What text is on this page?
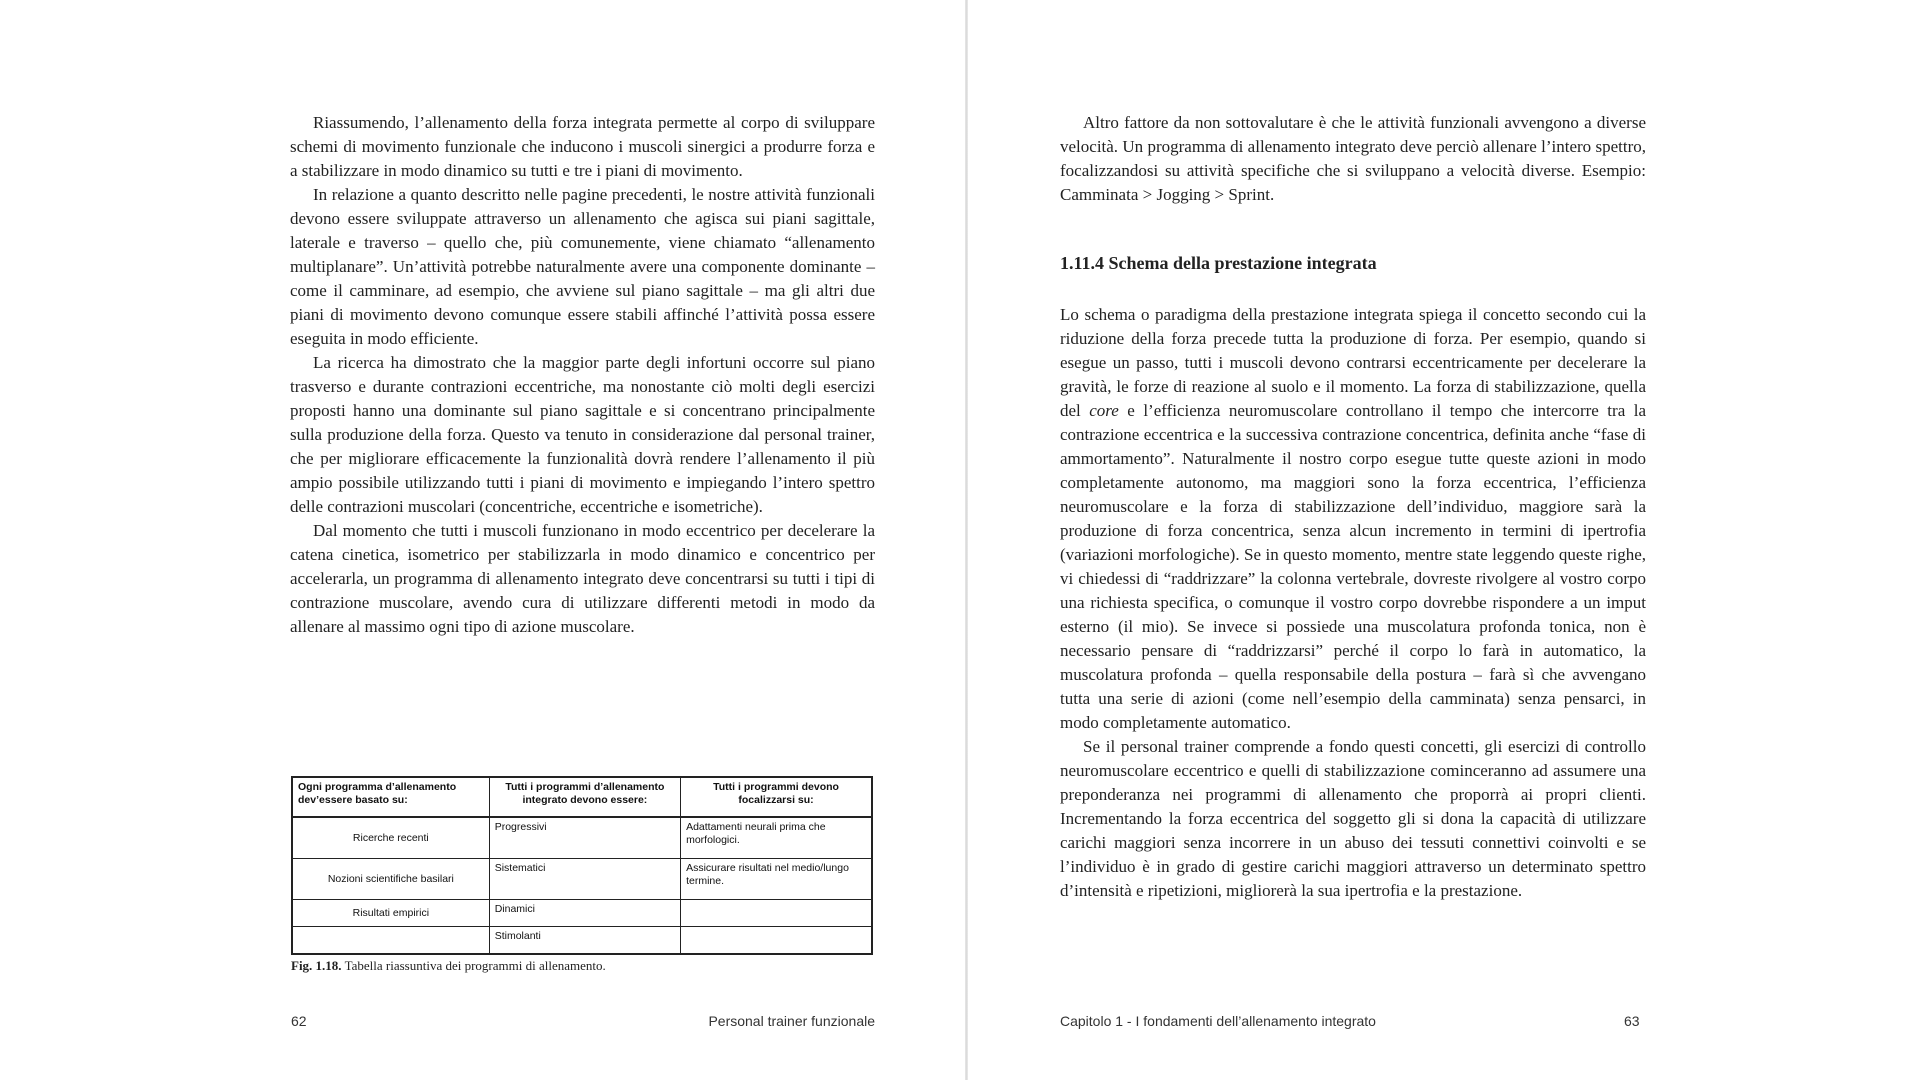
Riassumendo, l’allenamento della forza integrata permette al corpo di sviluppare schemi di movimento funzionale che inducono i muscoli sinergici a produrre forza e a stabilizzare in modo dinamico su tutti e tre i piani di movimento.

In relazione a quanto descritto nelle pagine precedenti, le nostre attività funzionali devono essere sviluppate attraverso un allenamento che agisca sui piani sagittale, laterale e traverso – quello che, più comunemente, viene chiamato “allenamento multiplanare”. Un’attività potrebbe naturalmente avere una componente dominante – come il camminare, ad esempio, che avviene sul piano sagittale – ma gli altri due piani di movimento devono comunque essere stabili affinché l’attività possa essere eseguita in modo efficiente.

La ricerca ha dimostrato che la maggior parte degli infortuni occorre sul piano trasverso e durante contrazioni eccentriche, ma nonostante ciò molti degli esercizi proposti hanno una dominante sul piano sagittale e si concentrano principalmente sulla produzione della forza. Questo va tenuto in considerazione dal personal trainer, che per migliorare efficacemente la funzionalità dovrà rendere l’allenamento il più ampio possibile utilizzando tutti i piani di movimento e impiegando l’intero spettro delle contrazioni muscolari (concentriche, eccentriche e isometriche).

Dal momento che tutti i muscoli funzionano in modo eccentrico per decelerare la catena cinetica, isometrico per stabilizzarla in modo dinamico e concentrico per accelerarla, un programma di allenamento integrato deve concentrarsi su tutti i tipi di contrazione muscolare, avendo cura di utilizzare differenti metodi in modo da allenare al massimo ogni tipo di azione muscolare.

Ogni programma d’allenamento dev’essere basato su:	Tutti i programmi d’allenamento integrato devono essere:	Tutti i programmi devono focalizzarsi su:
Ricerche recenti	Progressivi	Adattamenti neurali prima che morfologici.
Nozioni scientifiche basilari	Sistematici	Assicurare risultati nel medio/lungo termine.
Risultati empirici	Dinamici	
	Stimolanti	

Fig. 1.18. Tabella riassuntiva dei programmi di allenamento.

62	Personal trainer funzionale

Altro fattore da non sottovalutare è che le attività funzionali avvengono a diverse velocità. Un programma di allenamento integrato deve perciò allenare l’intero spettro, focalizzandosi su attività specifiche che si sviluppano a velocità diverse. Esempio: Camminata > Jogging > Sprint.

1.11.4 Schema della prestazione integrata

Lo schema o paradigma della prestazione integrata spiega il concetto secondo cui la riduzione della forza precede tutta la produzione di forza. Per esempio, quando si esegue un passo, tutti i muscoli devono contrarsi eccentricamente per decelerare la gravità, le forze di reazione al suolo e il momento. La forza di stabilizzazione, quella del core e l’efficienza neuromuscolare controllano il tempo che intercorre tra la contrazione eccentrica e la successiva contrazione concentrica, definita anche “fase di ammortamento”. Naturalmente il nostro corpo esegue tutte queste azioni in modo completamente autonomo, ma maggiori sono la forza eccentrica, l’efficienza neuromuscolare e la forza di stabilizzazione dell’individuo, maggiore sarà la produzione di forza concentrica, senza alcun incremento in termini di ipertrofia (variazioni morfologiche). Se in questo momento, mentre state leggendo queste righe, vi chiedessi di “raddrizzare” la colonna vertebrale, dovreste rivolgere al vostro corpo una richiesta specifica, o comunque il vostro corpo dovrebbe rispondere a un imput esterno (il mio). Se invece si possiede una muscolatura profonda tonica, non è necessario pensare di “raddrizzarsi” perché il corpo lo farà in automatico, la muscolatura profonda – quella responsabile della postura – farà sì che avvengano tutta una serie di azioni (come nell’esempio della camminata) senza pensarci, in modo completamente automatico.

Se il personal trainer comprende a fondo questi concetti, gli esercizi di controllo neuromuscolare eccentrico e quelli di stabilizzazione cominceranno ad assumere una preponderanza nei programmi di allenamento che proporrà ai propri clienti. Incrementando la forza eccentrica del soggetto gli si dona la capacità di utilizzare carichi maggiori senza incorrere in un abuso dei tessuti connettivi coinvolti e se l’individuo è in grado di gestire carichi maggiori attraverso un determinato spettro d’intensità e ripetizioni, migliorerà la sua ipertrofia e la prestazione.

Capitolo 1 - I fondamenti dell’allenamento integrato	63
